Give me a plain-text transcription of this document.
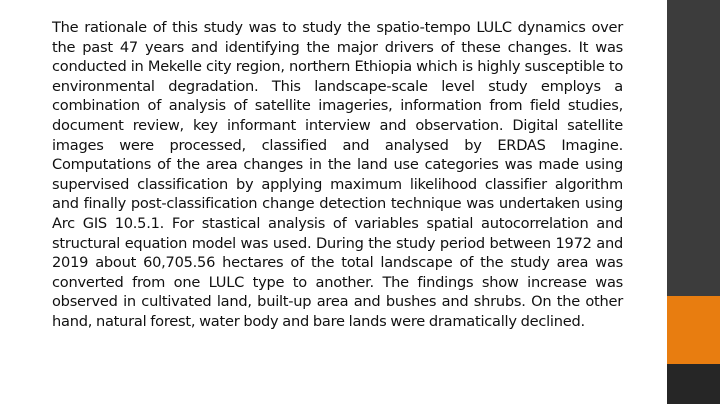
The rationale of this study was to study the spatio-tempo LULC dynamics over the past 47 years and identifying the major drivers of these changes. It was conducted in Mekelle city region, northern Ethiopia which is highly susceptible to environmental degradation. This landscape-scale level study employs a combination of analysis of satellite imageries, information from field studies, document review, key informant interview and observation. Digital satellite images were processed, classified and analysed by ERDAS Imagine. Computations of the area changes in the land use categories was made using supervised classification by applying maximum likelihood classifier algorithm and finally post-classification change detection technique was undertaken using Arc GIS 10.5.1. For stastical analysis of variables spatial autocorrelation and structural equation model was used. During the study period between 1972 and 2019 about 60,705.56 hectares of the total landscape of the study area was converted from one LULC type to another. The findings show increase was observed in cultivated land, built-up area and bushes and shrubs. On the other hand, natural forest, water body and bare lands were dramatically declined.
